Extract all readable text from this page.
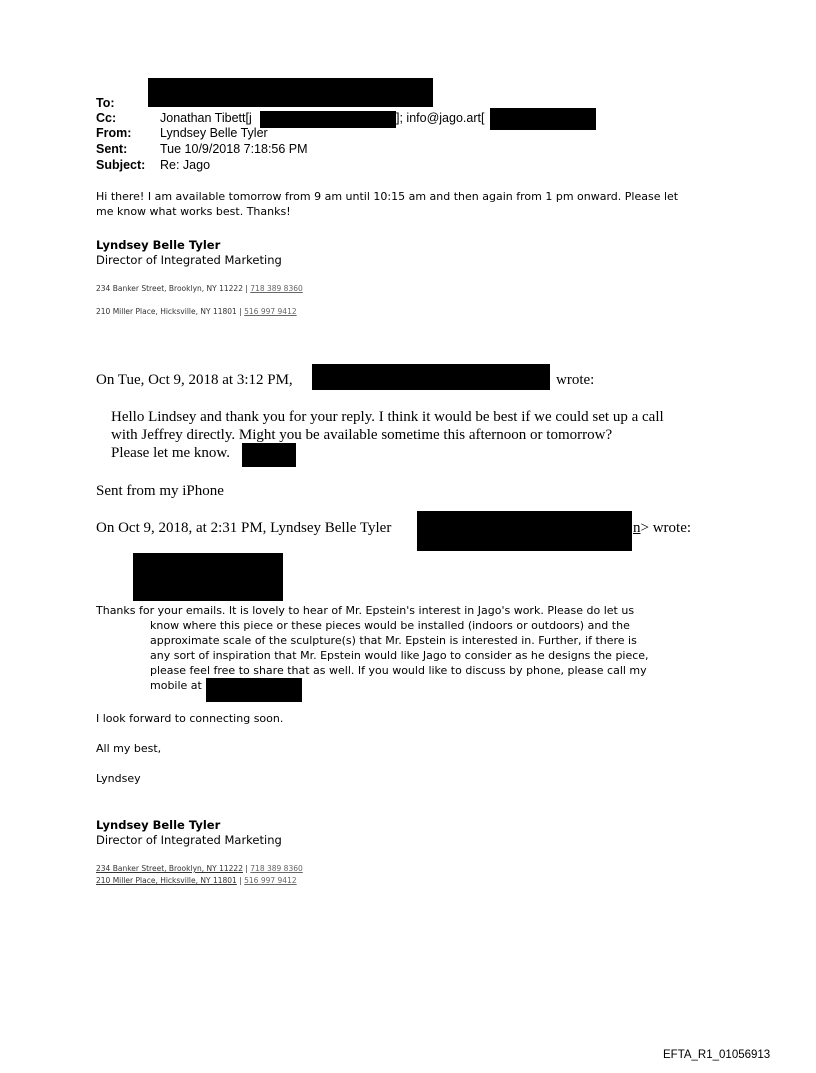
To:
Cc:	Jonathan Tibett[j	]; info@jago.art[
From: Lyndsey Belle Tyler
Sent:	Tue 10/9/2018 7:18:56 PM
Subject: Re: Jago
Hi there! I am available tomorrow from 9 am until 10:15 am and then again from 1 pm onward. Please let
me know what works best. Thanks!
Lyndsey Belle Tyler
Director of Integrated Marketing
234 Banker Street, Brooklyn, NY 11222 | 718 389 8360
210 Miller Place, Hicksville, NY 11801 | 516 997 9412
On Tue, Oct 9, 2018 at 3:12 PM,	wrote:
Hello Lindsey and thank you for your reply. I think it would be best if we could set up a call
with Jeffrey directly. Might you be available sometime this afternoon or tomorrow?
Please let me know.
Sent from my iPhone
On Oct 9, 2018, at 2:31 PM, Lyndsey Belle Tyler	n> wrote:
Thanks for your emails. It is lovely to hear of Mr. Epstein's interest in Jago's work. Please do let us
know where this piece or these pieces would be installed (indoors or outdoors) and the
approximate scale of the sculpture(s) that Mr. Epstein is interested in. Further, if there is
any sort of inspiration that Mr. Epstein would like Jago to consider as he designs the piece,
please feel free to share that as well. If you would like to discuss by phone, please call my
mobile at
I look forward to connecting soon.
All my best,
Lyndsey
Lyndsey Belle Tyler
Director of Integrated Marketing
234 Banker Street, Brooklyn, NY 11222 | 718 389 8360
210 Miller Place, Hicksville, NY 11801 | 516 997 9412
EFTA_R1_01056913
